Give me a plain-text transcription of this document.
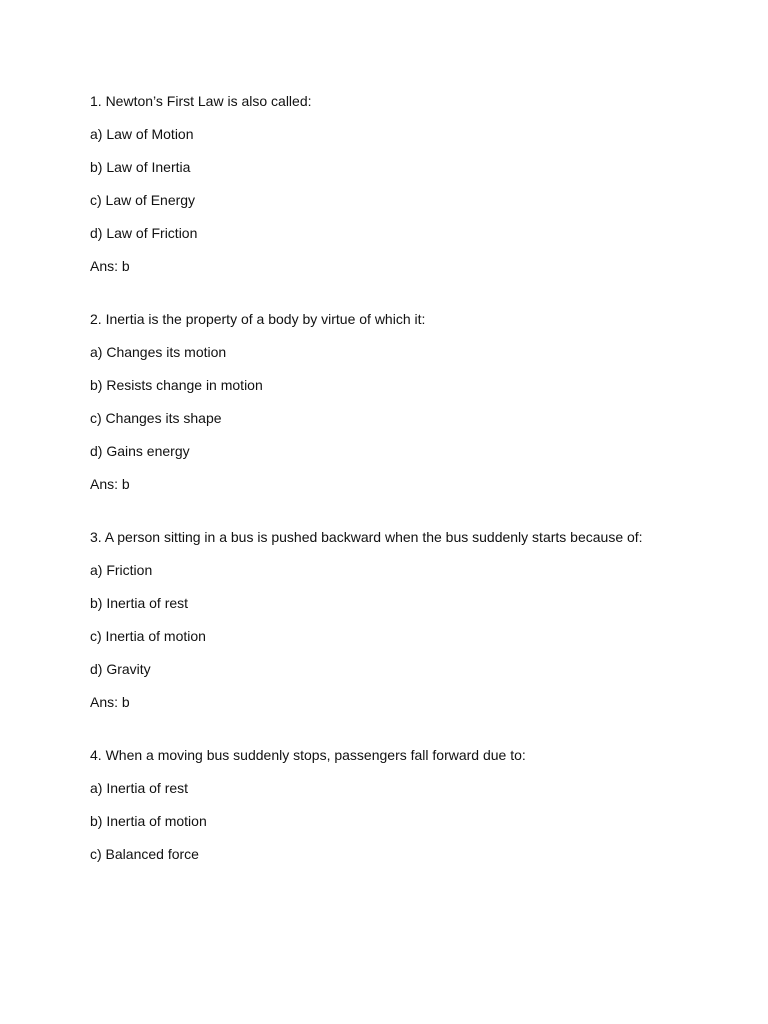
1. Newton’s First Law is also called:
a) Law of Motion
b) Law of Inertia
c) Law of Energy
d) Law of Friction
Ans: b
2. Inertia is the property of a body by virtue of which it:
a) Changes its motion
b) Resists change in motion
c) Changes its shape
d) Gains energy
Ans: b
3. A person sitting in a bus is pushed backward when the bus suddenly starts because of:
a) Friction
b) Inertia of rest
c) Inertia of motion
d) Gravity
Ans: b
4. When a moving bus suddenly stops, passengers fall forward due to:
a) Inertia of rest
b) Inertia of motion
c) Balanced force
